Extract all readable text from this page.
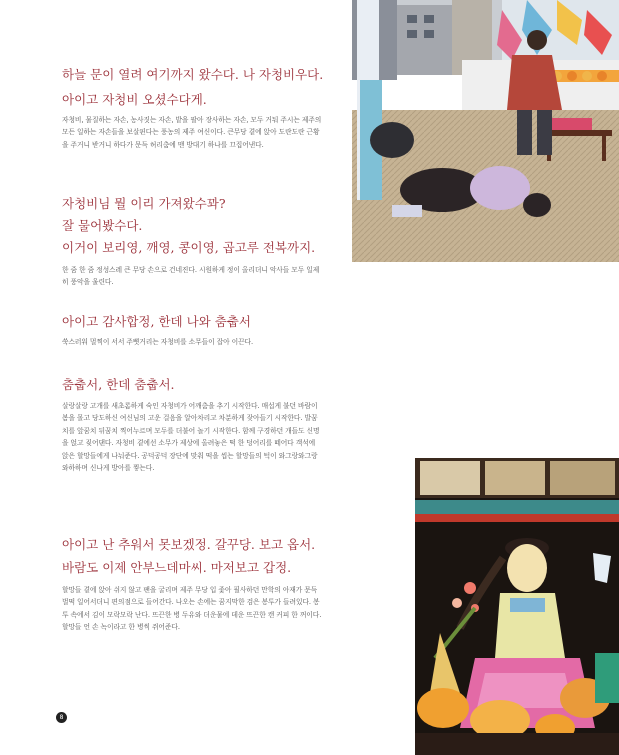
하늘 문이 열려 여기까지 왔수다. 나 자청비우다.
아이고 자청비 오셨수다게.
자청비, 물질하는 자손, 농사짓는 자손, 밭을 팔아 장사하는 자손, 모두 거둬 주시는 제주의 모든 일하는 자손들을 보살핀다는 풍농의 제주 여신이다. 큰무당 곁에 앉아 도란도란 근황을 주거니 받거니 하다가 문득 허리춤에 맨 방대기 하나를 끄집어낸다.
자청비님 뭘 이리 가져왔수꽈?
잘 물어봤수다.
이거이 보리영, 깨영, 콩이영, 곱고루 전복까지.
한 줌 한 줌 정성스레 큰 무당 손으로 건네진다. 시원하게 정이 올리더니 악사들 모두 일제히 풍악을 울린다.
아이고 감사합정, 한데 나와 춤춥서
쑥스러워 멀찍이 서서 주뼛거리는 자청비를 소무들이 잡아 이끈다.
춤춥서, 한데 춤춥서.
살랑살랑 고개를 새초롬하게 숙인 자청비가 어깨춤을 추기 시작한다. 매섭게 불던 바람이 봄을 몰고 당도하신 여신님의 고운 걸음을 알아차리고 차분하게 잦아들기 시작한다. 발꿈치를 앞꿈치 뒤꿈치 찍어누르며 모두를 더불어 놀기 시작한다. 함께 구경하던 개들도 신명을 얹고 짖어댄다. 자청비 곁에선 소무가 제상에 올려놓은 떡 한 덩어리를 떼어다 객석에 앉은 할망들에게 나눠준다. 공덕공덕 장단에 맞춰 떡을 씹는 할망들의 턱이 와그랑와그랑 와하하며 신나게 방아를 찧는다.
아이고 난 추워서 못보겠정. 갈꾸당. 보고 옵서.
바람도 이제 안부느데마씨. 마저보고 갑정.
할망들 곁에 앉아 쉬지 않고 팬을 굴리며 제주 무당 입 좇아 필사하던 만학의 아재가 문득 벌떡 일어서더니 편의점으로 들어간다. 나오는 손에는 꿈지막한 검은 봉투가 들려있다. 봉투 속에서 김이 모락모락 난다. 뜨끈한 병 두유와 더운물에 데운 뜨끈한 캔 커피 한 꺼이다. 할망들 언 손 녹이라고 한 병씩 쥐어준다.
8
